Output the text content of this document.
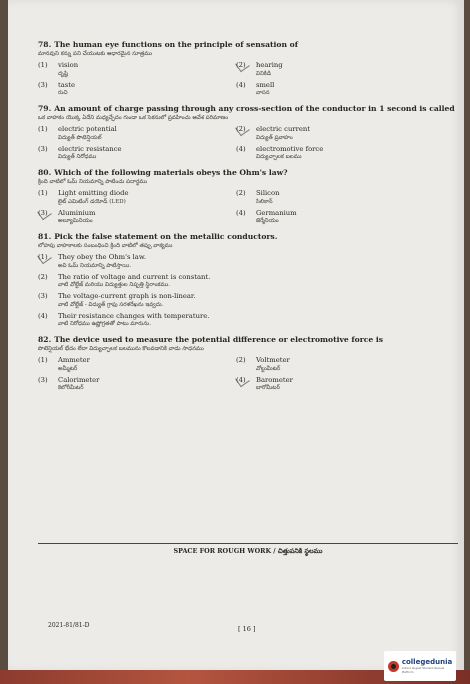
78. The human eye functions on the principle of sensation of
మానవుని కన్ను పని చేయుటకు ఆధారమైన సూత్రము
(1)	vision
దృష్టి
(2)	hearing
వినికిడి
(3)	taste
రుచి
(4)	smell
వాసన
79. An amount of charge passing through any cross-section of the conductor in 1 second is called
ఒక వాహకం యొక్క ఏదేని మధ్యచ్ఛేదం గుండా ఒక సెకనులో ప్రవహించు ఆవేశ పరిమాణం
(1)	electric potential
విద్యుత్ పొటెన్షియల్
(2)	electric current
విద్యుత్ ప్రవాహం
(3)	electric resistance
విద్యుత్ నిరోధము
(4)	electromotive force
విద్యుచ్ఛాలక బలము
80. Which of the following materials obeys the Ohm's law?
క్రింది వాటిలో ఓమ్ నియమాన్ని పాటించు పదార్థము
(1)	Light emitting diode
లైట్ ఎమిటింగ్ డయోడ్ (LED)
(2)	Silicon
సిలికాన్
(3)	Aluminium
అల్యూమినియం
(4)	Germanium
జెర్మేనియం
81. Pick the false statement on the metallic conductors.
లోహపు వాహకాలకు సంబంధించి క్రింది వాటిలో తప్పు వాక్యము
(1)	They obey the Ohm's law.
అవి ఓమ్ నియమాన్ని పాటిస్తాయి.
(2)	The ratio of voltage and current is constant.
వాటి వోల్టేజ్ మరియు విద్యుత్తుల నిష్పత్తి స్థిరాంకము.
(3)	The voltage-current graph is non-linear.
వాటి వోల్టేజ్ - విద్యుత్ గ్రాఫు సరళరేఖను ఇవ్వదు.
(4)	Their resistance changes with temperature.
వాటి నిరోధము ఉష్ణోగ్రతతో పాటు మారును.
82. The device used to measure the potential difference or electromotive force is
పొటెన్షియల్ భేదం లేదా విద్యుచ్ఛాలక బలమును కొలవడానికి వాడు సాధనము
(1)	Ammeter
అమ్మీటర్
(2)	Voltmeter
వోల్టుమీటర్
(3)	Calorimeter
కెలోరీమీటర్
(4)	Barometer
బారోమీటర్
SPACE FOR ROUGH WORK / చిత్తుపనికి స్థలము
2021-81/81-D	[ 16 ]
collegedunia
India's largest Student Review Platform
